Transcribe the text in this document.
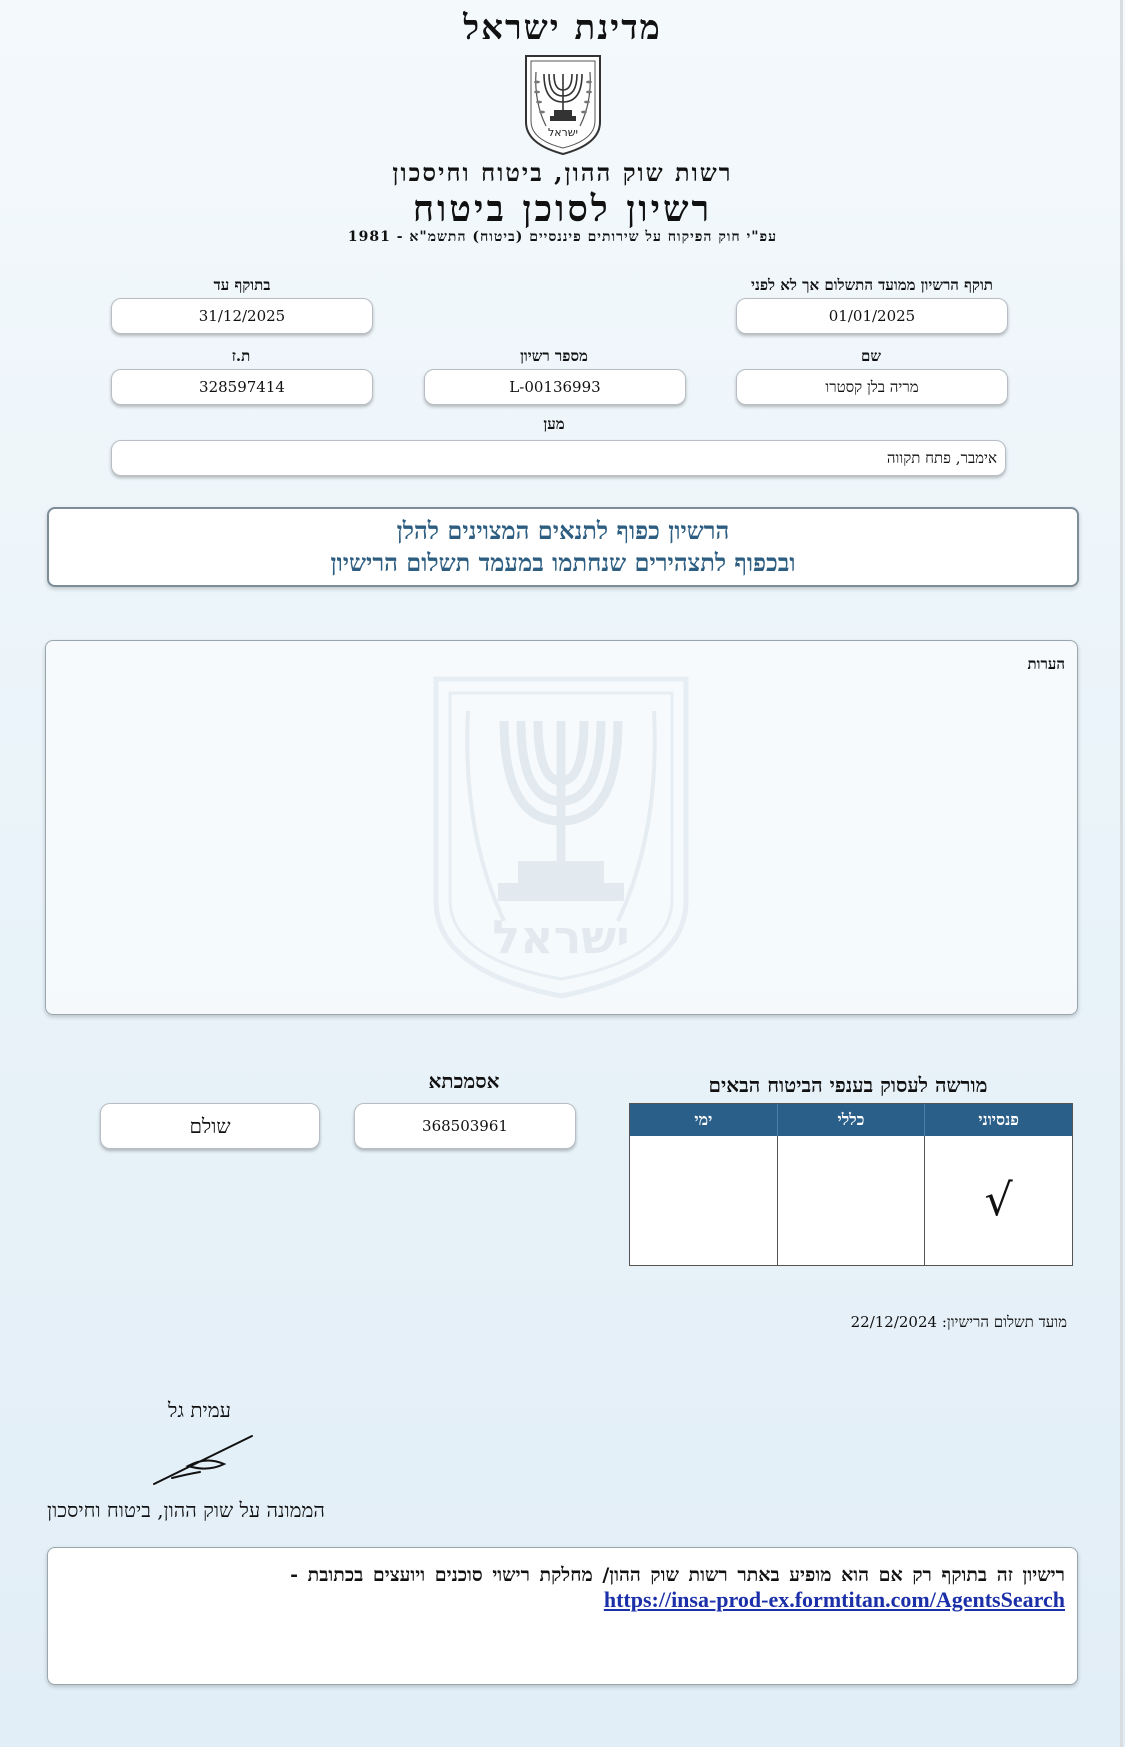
מדינת ישראל
ישראל
רשות שוק ההון, ביטוח וחיסכון
רשיון לסוכן ביטוח
עפ"י חוק הפיקוח על שירותים פיננסיים (ביטוח) התשמ"א - 1981
תוקף הרשיון ממועד התשלום אך לא לפני
01/01/2025
בתוקף עד
31/12/2025
שם
מריה בלן קסטרו
מספר רשיון
L-00136993
ת.ז
328597414
מען
אימבר, פתח תקווה
הרשיון כפוף לתנאים המצוינים להלן
ובכפוף לתצהירים שנחתמו במעמד תשלום הרישיון
הערות
ישראל
מורשה לעסוק בענפי הביטוח הבאים
פנסיוני
כללי
ימי
√
אסמכתא
368503961
שולם
מועד תשלום הרישיון: 22/12/2024
עמית גל
הממונה על שוק ההון, ביטוח וחיסכון
רישיון זה בתוקף רק אם הוא מופיע באתר רשות שוק ההון/ מחלקת רישוי סוכנים ויועצים בכתובת -
https://insa-prod-ex.formtitan.com/AgentsSearch
